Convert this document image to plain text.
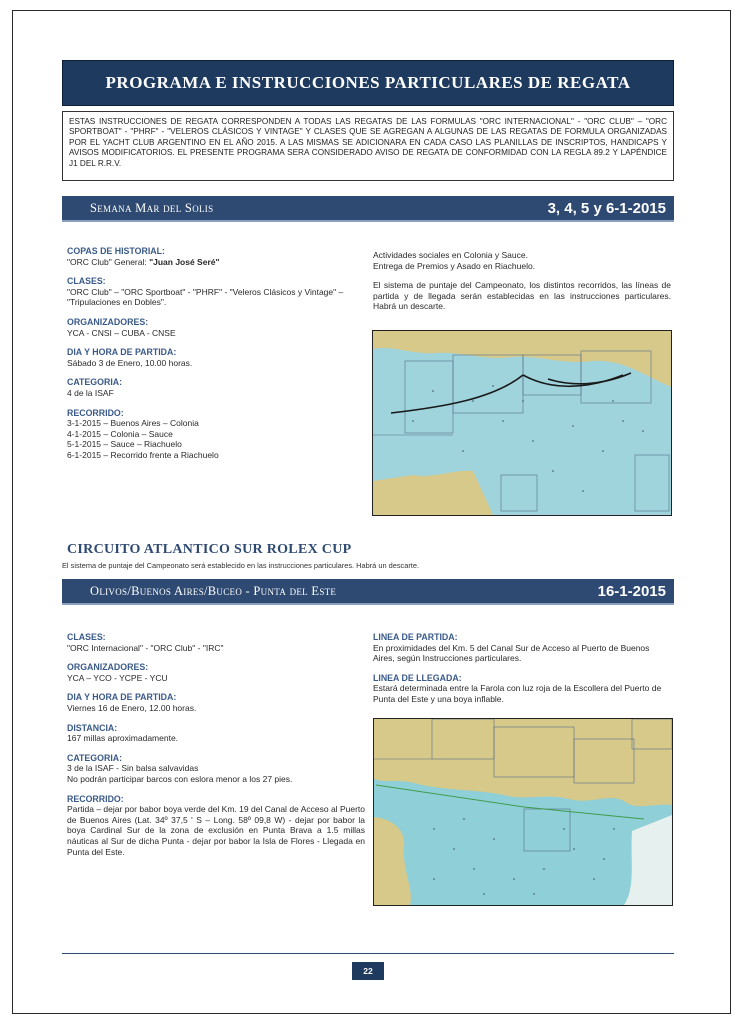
PROGRAMA E INSTRUCCIONES PARTICULARES DE REGATA
ESTAS INSTRUCCIONES DE REGATA CORRESPONDEN A TODAS LAS REGATAS DE LAS FORMULAS "ORC INTERNACIONAL" - "ORC CLUB" – "ORC SPORTBOAT" - "PHRF" - "VELEROS CLÁSICOS Y VINTAGE" Y CLASES QUE SE AGREGAN A ALGUNAS DE LAS REGATAS DE FORMULA ORGANIZADAS POR EL YACHT CLUB ARGENTINO EN EL AÑO 2015. A LAS MISMAS SE ADICIONARA EN CADA CASO LAS PLANILLAS DE INSCRIPTOS, HANDICAPS Y AVISOS MODIFICATORIOS. EL PRESENTE PROGRAMA SERA CONSIDERADO AVISO DE REGATA DE CONFORMIDAD CON LA REGLA 89.2 Y LAPÉNDICE J1 DEL R.R.V.
Semana Mar del Solis	3, 4, 5 y 6-1-2015
COPAS DE HISTORIAL:

"ORC Club" General: "Juan José Seré"

CLASES:

"ORC Club" – "ORC Sportboat" - "PHRF" - "Veleros Clásicos y Vintage" – "Tripulaciones en Dobles".

ORGANIZADORES:

YCA - CNSI – CUBA - CNSE

DIA Y HORA DE PARTIDA:

Sábado 3 de Enero, 10.00 horas.

CATEGORIA:

4 de la ISAF

RECORRIDO:

3-1-2015 – Buenos Aires – Colonia

4-1-2015 – Colonia – Sauce

5-1-2015 – Sauce – Riachuelo

6-1-2015 – Recorrido frente a Riachuelo

Actividades sociales en Colonia y Sauce.

Entrega de Premios y Asado en Riachuelo.

El sistema de puntaje del Campeonato, los distintos recorridos, las líneas de partida y de llegada serán establecidas en las instrucciones particulares. Habrá un descarte.

CIRCUITO ATLANTICO SUR ROLEX CUP
El sistema de puntaje del Campeonato será establecido en las instrucciones particulares. Habrá un descarte.
Olivos/Buenos Aires/Buceo - Punta del Este	16-1-2015
CLASES:

"ORC Internacional" - "ORC Club" - "IRC"

ORGANIZADORES:

YCA – YCO - YCPE - YCU

DIA Y HORA DE PARTIDA:

Viernes 16 de Enero, 12.00 horas.

DISTANCIA:

167 millas aproximadamente.

CATEGORIA:

3 de la ISAF - Sin balsa salvavidas

No podrán participar barcos con eslora menor a los 27 pies.

RECORRIDO:

Partida – dejar por babor boya verde del Km. 19 del Canal de Acceso al Puerto de Buenos Aires (Lat. 34º 37,5 ' S – Long. 58º 09,8 W) - dejar por babor la boya Cardinal Sur de la zona de exclusión en Punta Brava a 1.5 millas náuticas al Sur de dicha Punta - dejar por babor la Isla de Flores - Llegada en Punta del Este.

LINEA DE PARTIDA:

En proximidades del Km. 5 del Canal Sur de Acceso al Puerto de Buenos Aires, según Instrucciones particulares.

LINEA DE LLEGADA:

Estará determinada entre la Farola con luz roja de la Escollera del Puerto de Punta del Este y una boya inflable.

22
